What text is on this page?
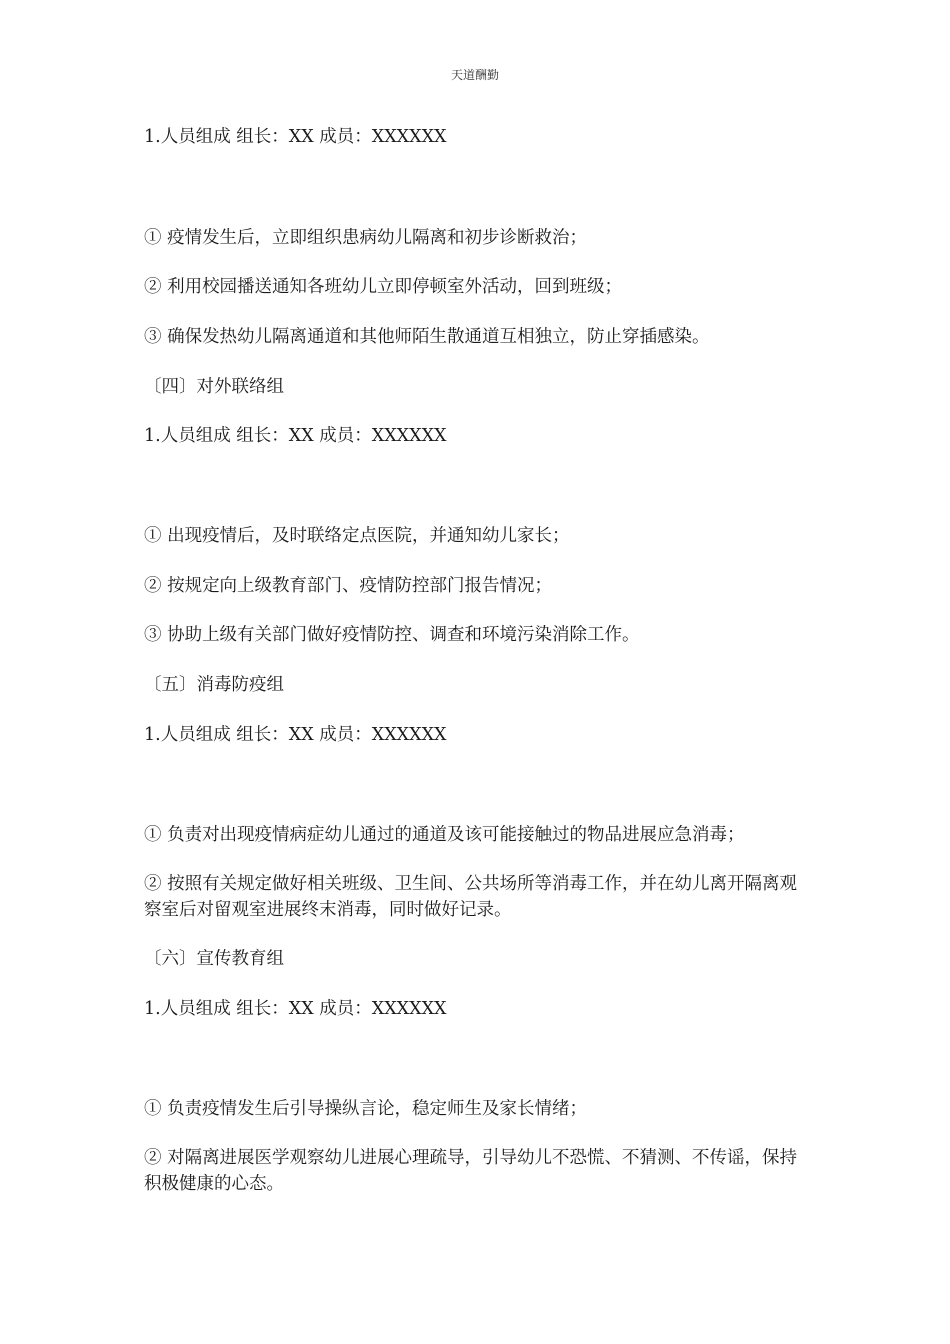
天道酬勤
1.人员组成 组长：XX 成员：XXXXXX
① 疫情发生后，立即组织患病幼儿隔离和初步诊断救治；
② 利用校园播送通知各班幼儿立即停顿室外活动，回到班级；
③ 确保发热幼儿隔离通道和其他师陌生散通道互相独立，防止穿插感染。
〔四〕对外联络组
1.人员组成 组长：XX 成员：XXXXXX
① 出现疫情后，及时联络定点医院，并通知幼儿家长；
② 按规定向上级教育部门、疫情防控部门报告情况；
③ 协助上级有关部门做好疫情防控、调查和环境污染消除工作。
〔五〕消毒防疫组
1.人员组成 组长：XX 成员：XXXXXX
① 负责对出现疫情病症幼儿通过的通道及该可能接触过的物品进展应急消毒；
② 按照有关规定做好相关班级、卫生间、公共场所等消毒工作，并在幼儿离开隔离观察室后对留观室进展终末消毒，同时做好记录。
〔六〕宣传教育组
1.人员组成 组长：XX 成员：XXXXXX
① 负责疫情发生后引导操纵言论，稳定师生及家长情绪；
② 对隔离进展医学观察幼儿进展心理疏导，引导幼儿不恐慌、不猜测、不传谣，保持积极健康的心态。
